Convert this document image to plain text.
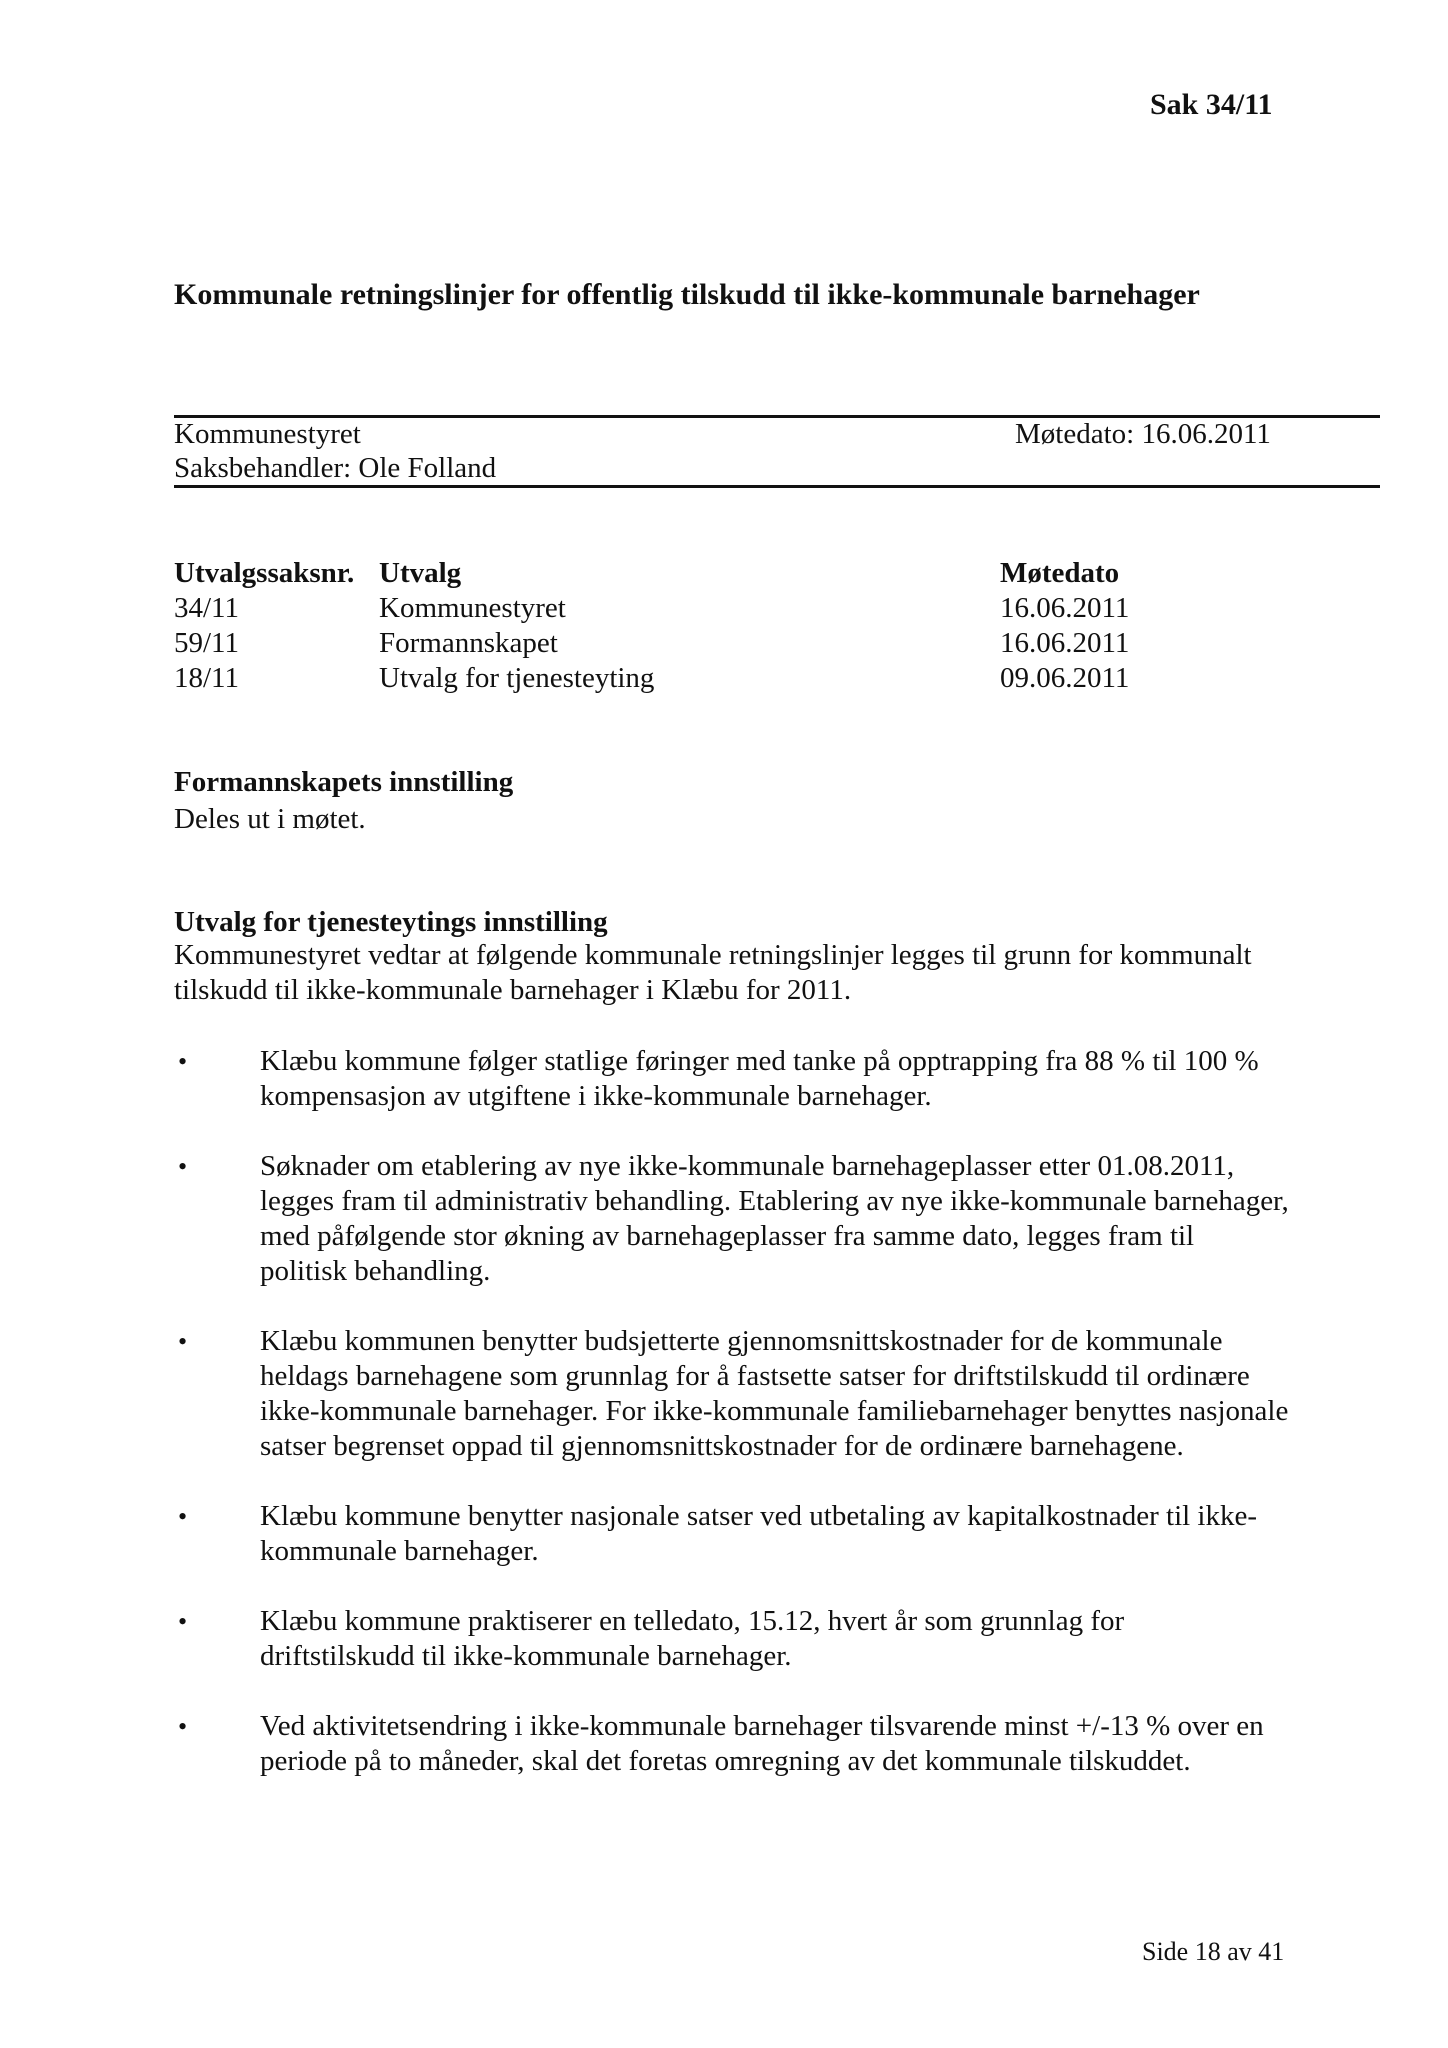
Sak 34/11
Kommunale retningslinjer for offentlig tilskudd til ikke-kommunale barnehager
Kommunestyret	Møtedato: 16.06.2011
Saksbehandler: Ole Folland
Utvalgssaksnr. Utvalg	Møtedato
34/11	Kommunestyret	16.06.2011
59/11	Formannskapet	16.06.2011
18/11	Utvalg for tjenesteyting	09.06.2011
Formannskapets innstilling
Deles ut i møtet.
Utvalg for tjenesteytings innstilling
Kommunestyret vedtar at følgende kommunale retningslinjer legges til grunn for kommunalt tilskudd til ikke-kommunale barnehager i Klæbu for 2011.
•	Klæbu kommune følger statlige føringer med tanke på opptrapping fra 88 % til 100 %
kompensasjon av utgiftene i ikke-kommunale barnehager.
•	Søknader om etablering av nye ikke-kommunale barnehageplasser etter 01.08.2011,
legges fram til administrativ behandling. Etablering av nye ikke-kommunale barnehager,
med påfølgende stor økning av barnehageplasser fra samme dato, legges fram til
politisk behandling.
•	Klæbu kommunen benytter budsjetterte gjennomsnittskostnader for de kommunale
heldags barnehagene som grunnlag for å fastsette satser for driftstilskudd til ordinære
ikke-kommunale barnehager. For ikke-kommunale familiebarnehager benyttes nasjonale
satser begrenset oppad til gjennomsnittskostnader for de ordinære barnehagene.
•	Klæbu kommune benytter nasjonale satser ved utbetaling av kapitalkostnader til ikke-
kommunale barnehager.
•	Klæbu kommune praktiserer en telledato, 15.12, hvert år som grunnlag for
driftstilskudd til ikke-kommunale barnehager.
•	Ved aktivitetsendring i ikke-kommunale barnehager tilsvarende minst +/-13 % over en
periode på to måneder, skal det foretas omregning av det kommunale tilskuddet.
Side 18 av 41
